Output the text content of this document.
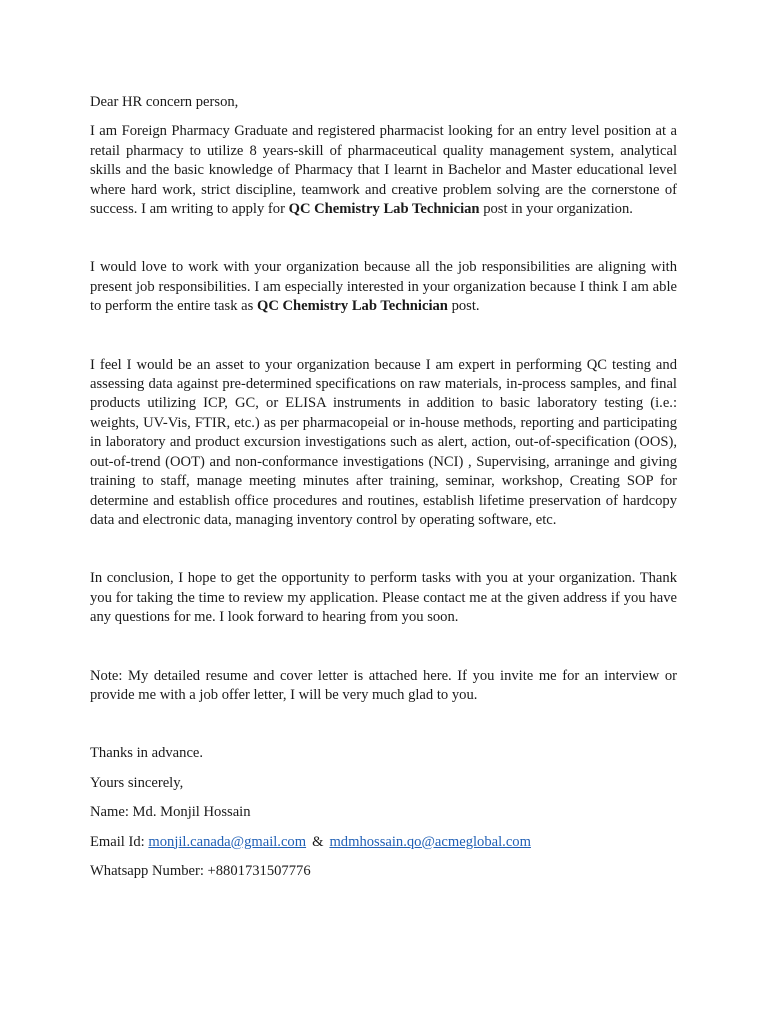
Dear HR concern person,

I am Foreign Pharmacy Graduate and registered pharmacist looking for an entry level position at a retail pharmacy to utilize 8 years-skill of pharmaceutical quality management system, analytical skills and the basic knowledge of Pharmacy that I learnt in Bachelor and Master educational level where hard work, strict discipline, teamwork and creative problem solving are the cornerstone of success. I am writing to apply for QC Chemistry Lab Technician post in your organization.

I would love to work with your organization because all the job responsibilities are aligning with present job responsibilities. I am especially interested in your organization because I think I am able to perform the entire task as QC Chemistry Lab Technician post.

I feel I would be an asset to your organization because I am expert in performing QC testing and assessing data against pre-determined specifications on raw materials, in-process samples, and final products utilizing ICP, GC, or ELISA instruments in addition to basic laboratory testing (i.e.: weights, UV-Vis, FTIR, etc.) as per pharmacopeial or in-house methods, reporting and participating in laboratory and product excursion investigations such as alert, action, out-of-specification (OOS), out-of-trend (OOT) and non-conformance investigations (NCI) , Supervising, arraninge and giving training to staff, manage meeting minutes after training, seminar, workshop, Creating SOP for determine and establish office procedures and routines, establish lifetime preservation of hardcopy data and electronic data, managing inventory control by operating software, etc.

In conclusion, I hope to get the opportunity to perform tasks with you at your organization. Thank you for taking the time to review my application. Please contact me at the given address if you have any questions for me. I look forward to hearing from you soon.

Note: My detailed resume and cover letter is attached here. If you invite me for an interview or provide me with a job offer letter, I will be very much glad to you.

Thanks in advance.

Yours sincerely,

Name: Md. Monjil Hossain

Email Id: monjil.canada@gmail.com & mdmhossain.qo@acmeglobal.com

Whatsapp Number: +8801731507776
